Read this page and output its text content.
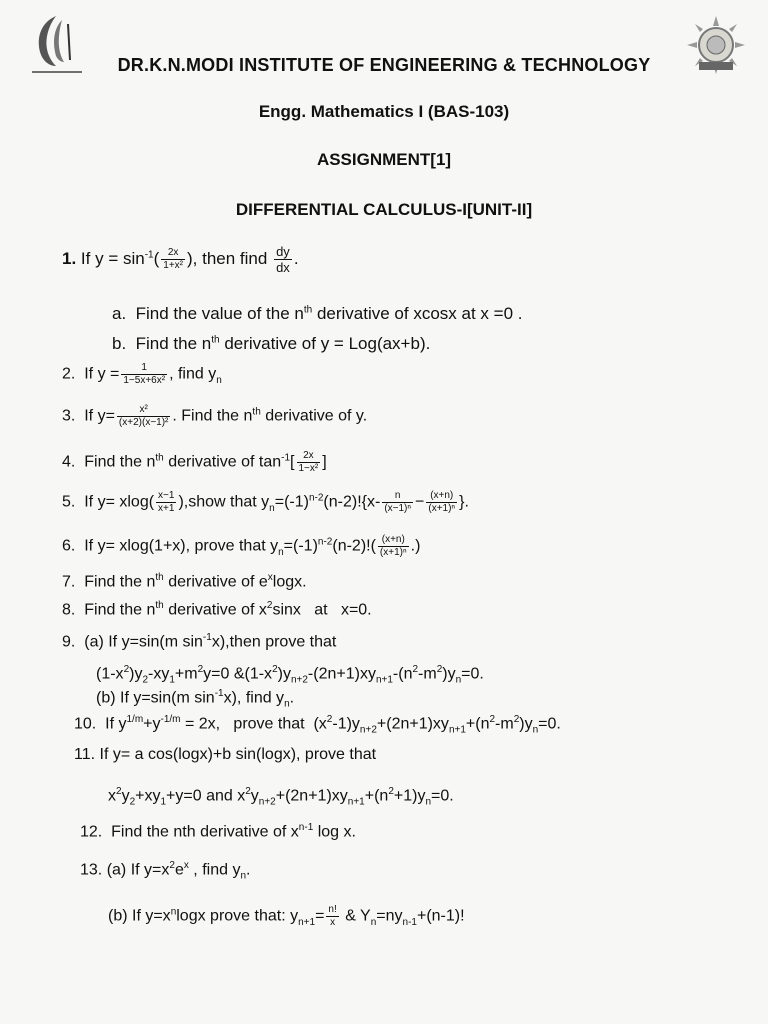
DR.K.N.MODI INSTITUTE OF ENGINEERING & TECHNOLOGY
Engg. Mathematics I (BAS-103)
ASSIGNMENT[1]
DIFFERENTIAL CALCULUS-I[UNIT-II]
1. If $y = \sin^{-1}( \frac{2x}{\text{1+x²}}$ ), then find $\frac{dy}{dx}$ .
a. Find the value of the $n^{th}$ derivative of xcosx at x =0 .
b. Find the $n^{th}$ derivative of y = Log(ax+b).
2. If $y = \frac{1}{\text{1−5x+6x²}}$ , find $y_n$
3. If $y= \frac{\text{x²}}{\text{(x+2)(x−1)²}}$ . Find the $n^{th}$ derivative of y.
4. Find the $n^{th}$ derivative of $\tan^{-1}[ \frac{2x}{\text{1−x²}}$ ]
5. If $y= xlog( \frac{x-1}{x+1}$ ),show that $y_n=(-1)^{n-2}(n-2)!\{x- \frac{n}{\text{(x−1)ⁿ}} - \frac{(x+n)}{\text{(x+1)ⁿ}}$ }.
6. If y= xlog(1+x), prove that $y_n=(-1)^{n-2}(n-2)!( \frac{(x+n)}{\text{(x+1)ⁿ}}$ .)
7. Find the $n^{th}$ derivative of $e^x\log x$.
8. Find the $n^{th}$ derivative of $x^2\sin x$   at   x=0.
9. (a) If y=sin(m $\sin^{-1}x),then$ prove that
$(1-x^2)y_2-xy_1+m^2y=0$ $\&(1-x^2)y_{n+2}-(2n+1)xy_{n+1}-(n^2-m^2)y_n=0$.
(b) If y=sin(m $\sin^{-1}x$), find $y_n$.
10. If $y^{1/m}+y^{-1/m} = 2x$,   prove that  $(x^2-1)y_{n+2}+(2n+1)xy_{n+1}+(n^2-m^2)y_n=0$.
11. If y= a cos(logx)+b sin(logx), prove that
$x^2y_2+xy_1+y=0$ and $x^2y_{n+2}+(2n+1)xy_{n+1}+(n^2+1)y_n=0$.
12. Find the nth derivative of $x^{n-1}$ log x.
13. (a) If $y=x^2e^x$ , find $y_n$.
(b) If $y=x^n\log x$ prove that: $y_{n+1}= \frac{n!}{x}$ & $Y_n=ny_{n-1}+(n-1)$!
